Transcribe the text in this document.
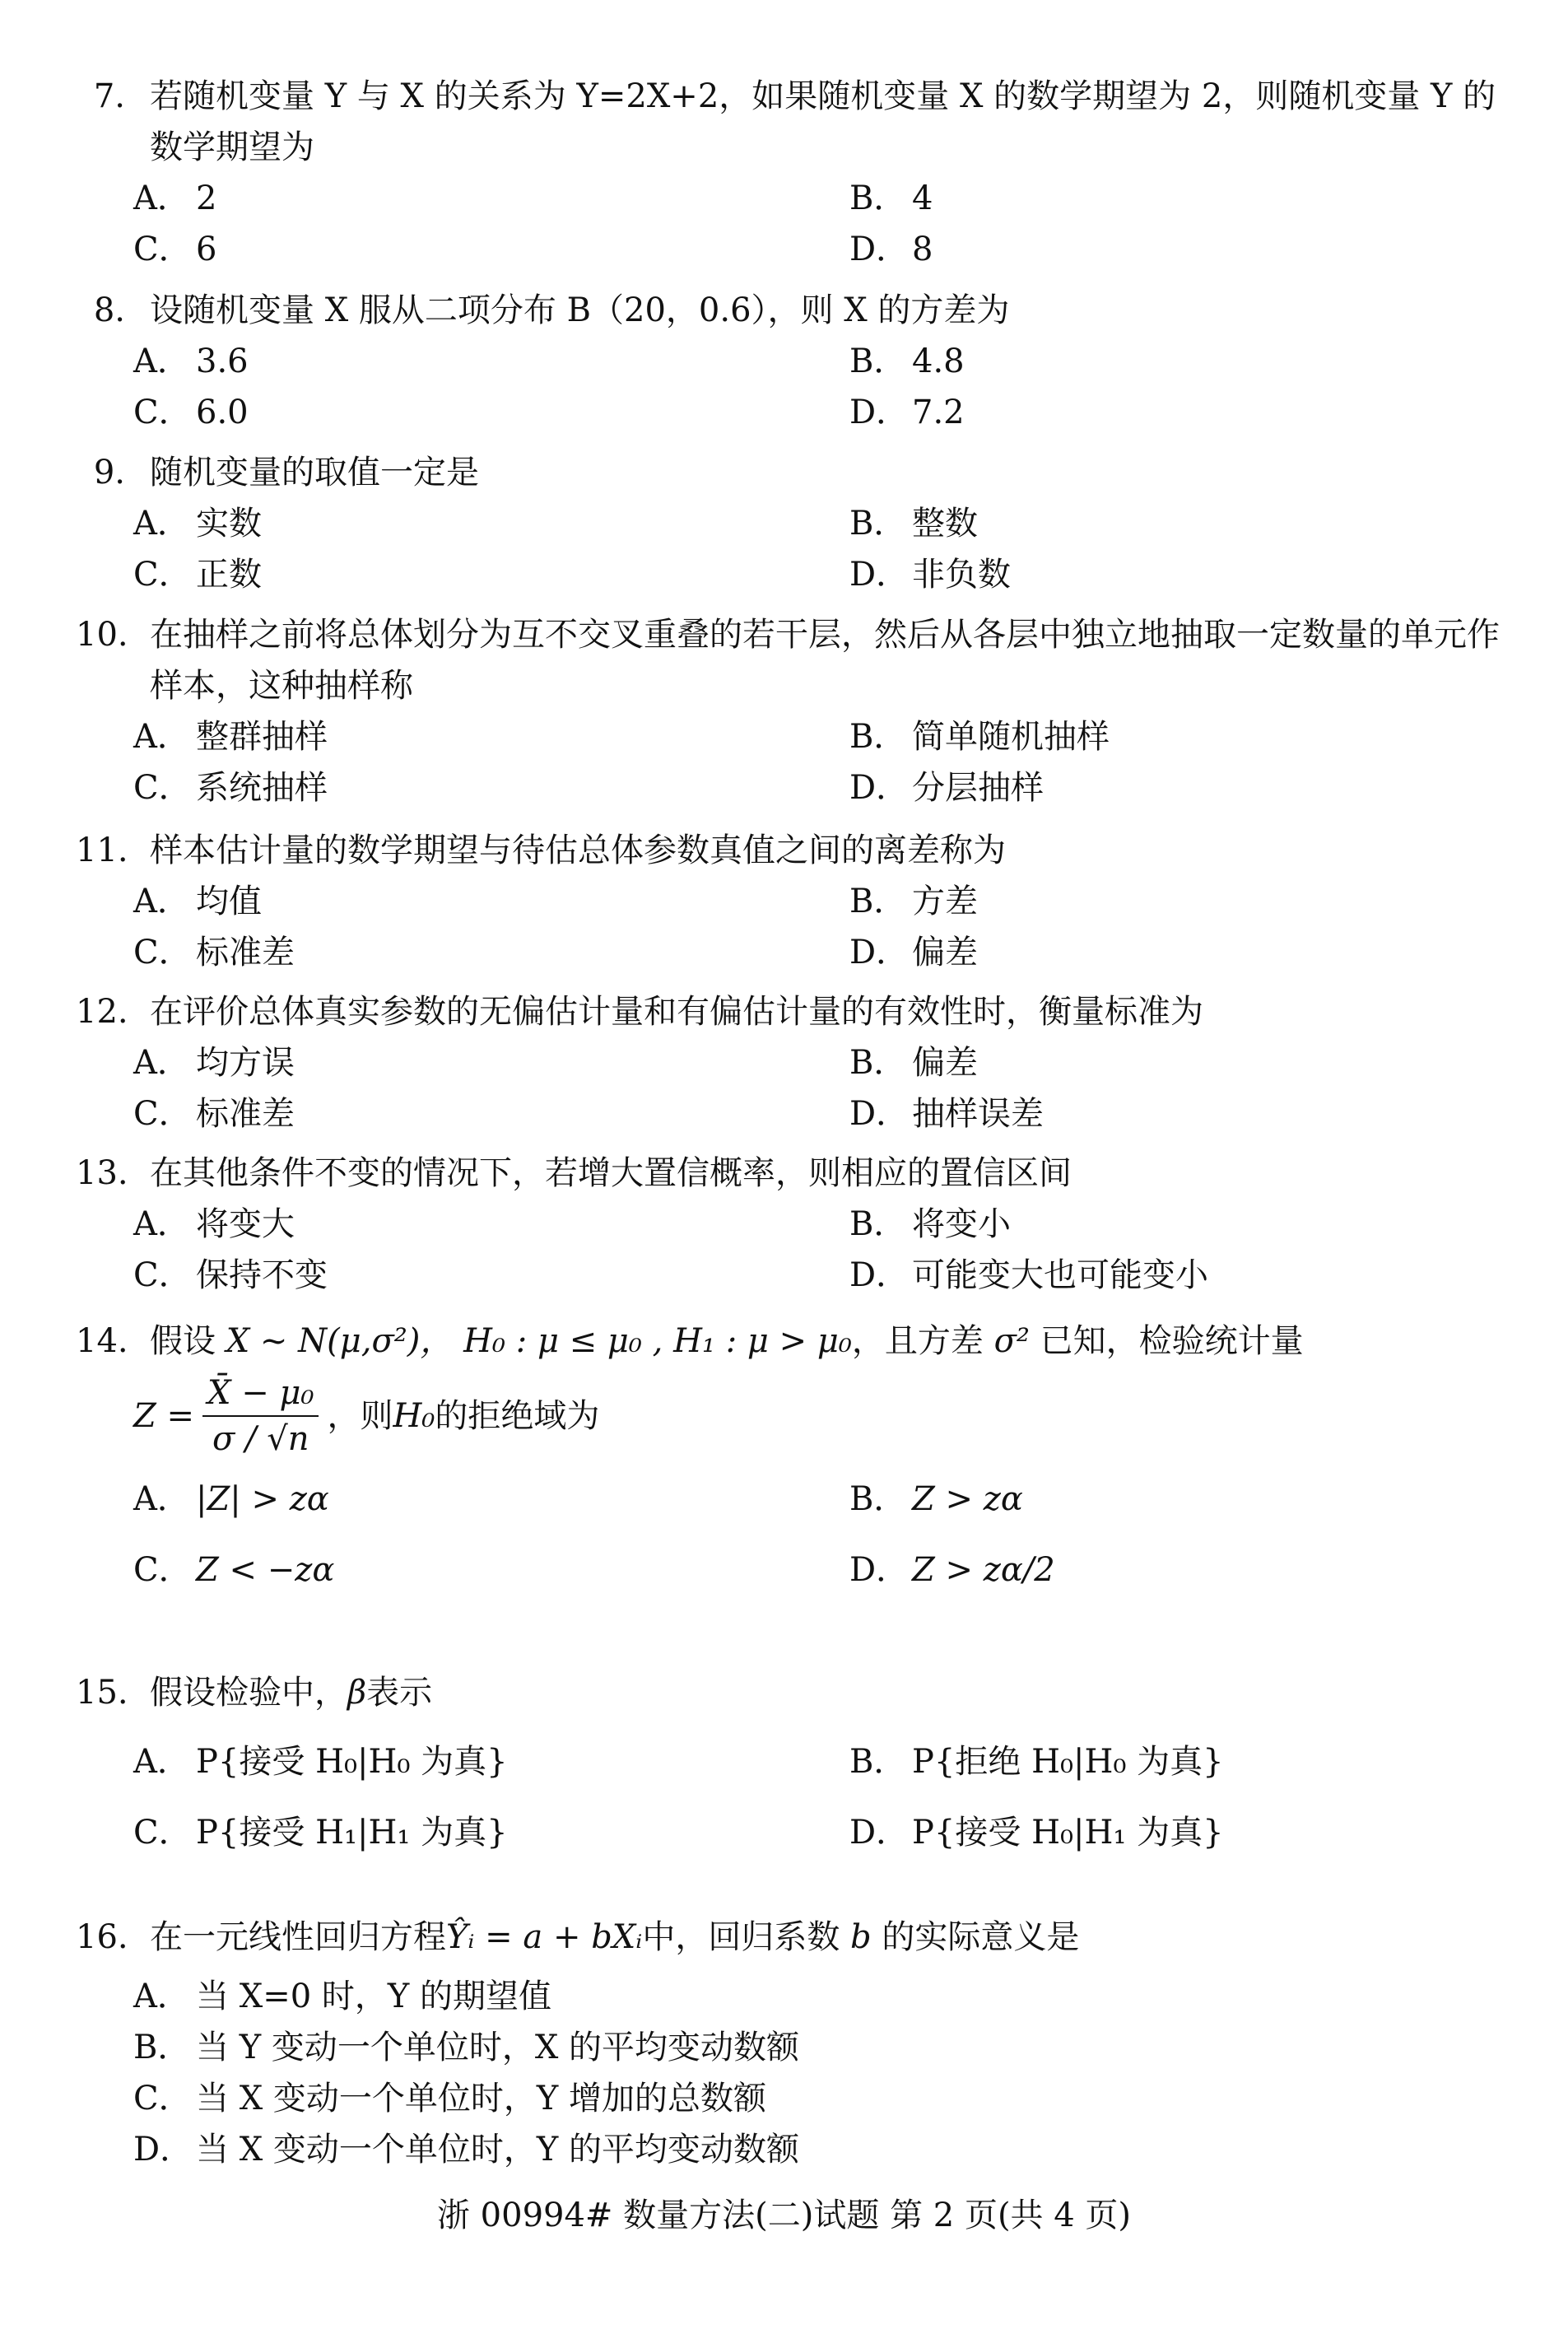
7 .	若随机变量 Y 与 X 的关系为 Y=2X+2，如果随机变量 X 的数学期望为 2，则随机变量 Y 的数学期望为
A ．	2	B ．	4
C ．	6	D ．	8
8 .	设随机变量 X 服从二项分布 B（20，0.6），则 X 的方差为
A ．	3.6	B ．	4.8
C ．	6.0	D ．	7.2
9 .	随机变量的取值一定是
A ．	实数	B ．	整数
C ．	正数	D ．	非负数
10 . 在抽样之前将总体划分为互不交叉重叠的若干层，然后从各层中独立地抽取一定数量的单元作样本，这种抽样称
A ．	整群抽样	B ．	简单随机抽样
C ．	系统抽样	D ．	分层抽样
11 . 样本估计量的数学期望与待估总体参数真值之间的离差称为
A ．	均值	B ．	方差
C ．	标准差	D ．	偏差
12 . 在评价总体真实参数的无偏估计量和有偏估计量的有效性时，衡量标准为
A ．	均方误	B ．	偏差
C ．	标准差	D ．	抽样误差
13 . 在其他条件不变的情况下，若增大置信概率，则相应的置信区间
A ．	将变大	B ．	将变小
C ．	保持不变	D ．	可能变大也可能变小
14 . 假设 X ~ N(μ,σ²)， H₀ : μ ≤ μ₀ , H₁ : μ > μ₀，且方差 σ² 已知，检验统计量
$Z = \frac{\text{X̄ − μ₀}}{\sigma / √n}$ ，则 H₀ 的拒绝域为
A ．	|Z| > zα	B ．	Z > zα
C ．	Z < −zα	D ．	Z > zα/2
15 . 假设检验中，β表示
A ．	P{接受 H₀|H₀ 为真}	B ．	P{拒绝 H₀|H₀ 为真}
C ．	P{接受 H₁|H₁ 为真}	D ．	P{接受 H₀|H₁ 为真}
16 . 在一元线性回归方程Ŷᵢ = a + bXᵢ中，回归系数 b 的实际意义是
A ．	当 X=0 时，Y 的期望值
B ．	当 Y 变动一个单位时，X 的平均变动数额
C ．	当 X 变动一个单位时，Y 增加的总数额
D ．	当 X 变动一个单位时，Y 的平均变动数额
浙 00994# 数量方法(二)试题 第 2 页(共 4 页)
